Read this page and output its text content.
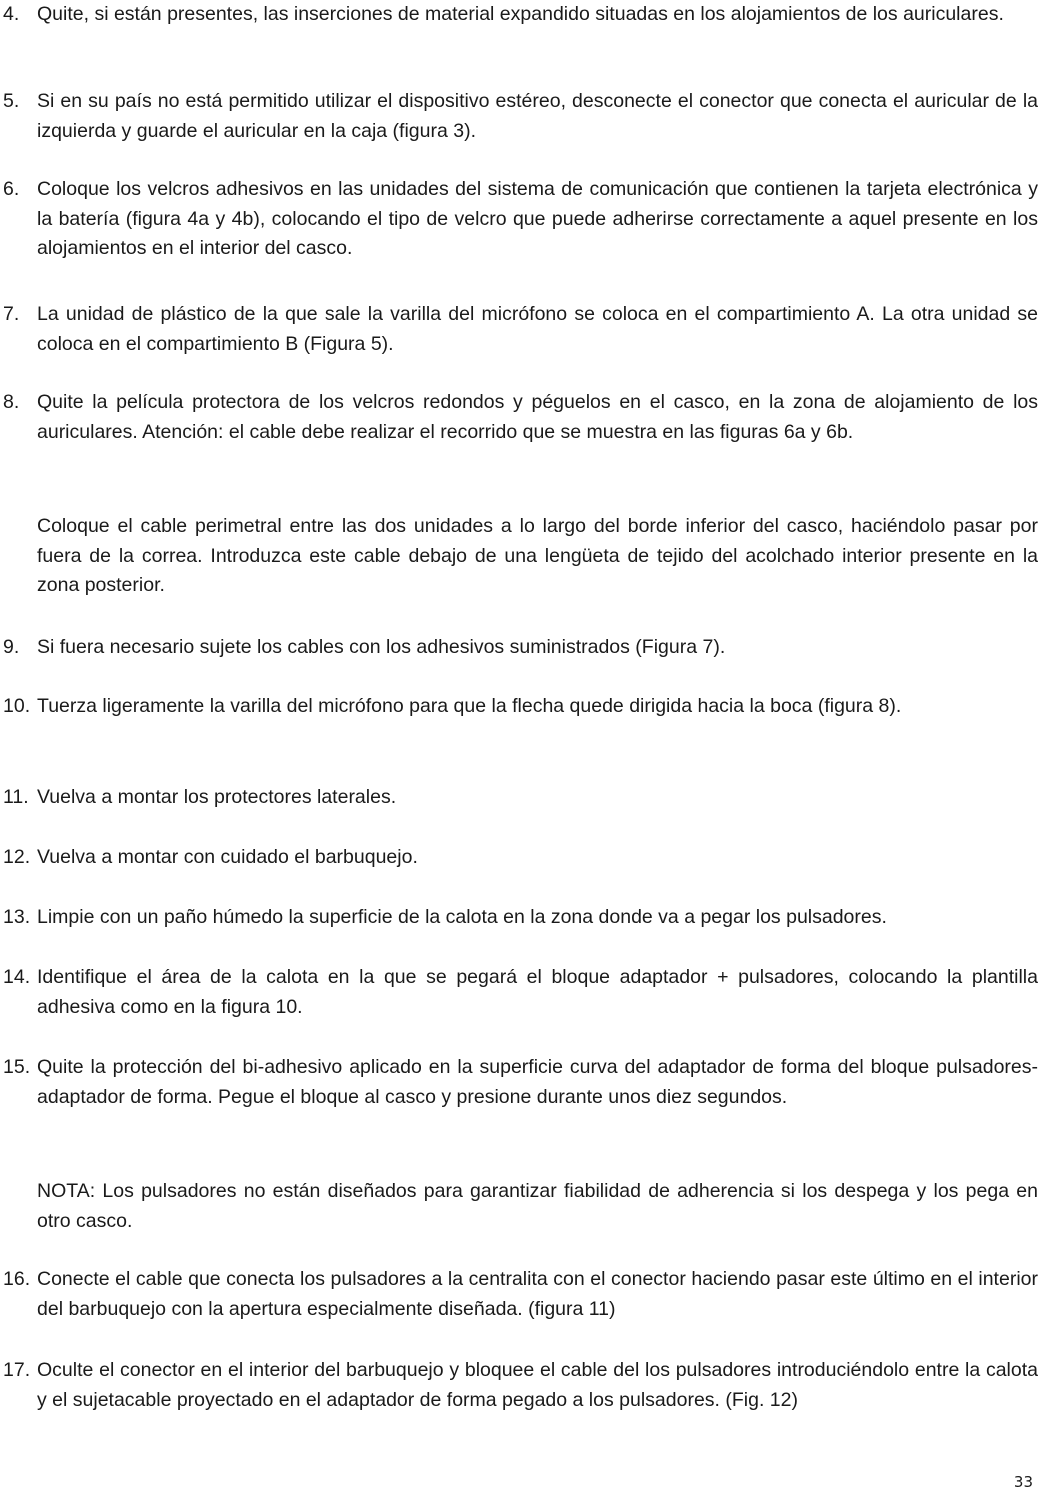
4. Quite, si están presentes, las inserciones de material expandido situadas en los alojamientos de los auriculares.

5. Si en su país no está permitido utilizar el dispositivo estéreo, desconecte el conector que conecta el auricular de la izquierda y guarde el auricular en la caja (figura 3).

6. Coloque los velcros adhesivos en las unidades del sistema de comunicación que contienen la tarjeta electrónica y la batería (figura 4a y 4b), colocando el tipo de velcro que puede adherirse correctamente a aquel presente en los alojamientos en el interior del casco.

7. La unidad de plástico de la que sale la varilla del micrófono se coloca en el compartimiento A. La otra unidad se coloca en el compartimiento B (Figura 5).

8. Quite la película protectora de los velcros redondos y péguelos en el casco, en la zona de alojamiento de los auriculares. Atención: el cable debe realizar el recorrido que se muestra en las figuras 6a y 6b.

Coloque el cable perimetral entre las dos unidades a lo largo del borde inferior del casco, haciéndolo pasar por fuera de la correa. Introduzca este cable debajo de una lengüeta de tejido del acolchado interior presente en la zona posterior.

9. Si fuera necesario sujete los cables con los adhesivos suministrados (Figura 7).

10. Tuerza ligeramente la varilla del micrófono para que la flecha quede dirigida hacia la boca (figura 8).

11. Vuelva a montar los protectores laterales.

12. Vuelva a montar con cuidado el barbuquejo.

13. Limpie con un paño húmedo la superficie de la calota en la zona donde va a pegar los pulsadores.

14. Identifique el área de la calota en la que se pegará el bloque adaptador + pulsadores, colocando la plantilla adhesiva como en la figura 10.

15. Quite la protección del bi-adhesivo aplicado en la superficie curva del adaptador de forma del bloque pulsadores-adaptador de forma. Pegue el bloque al casco y presione durante unos diez segundos.

NOTA: Los pulsadores no están diseñados para garantizar fiabilidad de adherencia si los despega y los pega en otro casco.

16. Conecte el cable que conecta los pulsadores a la centralita con el conector haciendo pasar este último en el interior del barbuquejo con la apertura especialmente diseñada. (figura 11)

17. Oculte el conector en el interior del barbuquejo y bloquee el cable del los pulsadores introduciéndolo entre la calota y el sujetacable proyectado en el adaptador de forma pegado a los pulsadores. (Fig. 12)

33
